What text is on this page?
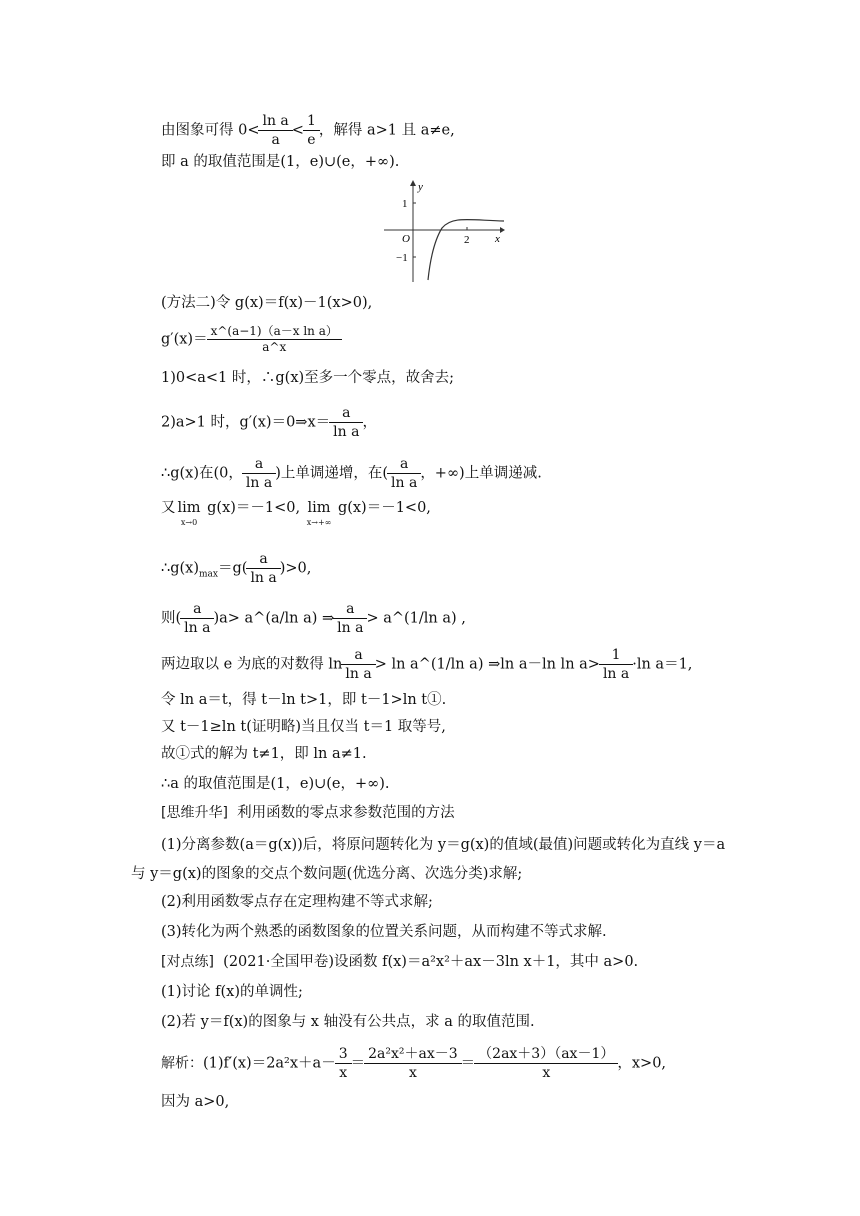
由图象可得 $0< \frac{\text{ln a}}{a} < \frac{1}{e}$ ，解得 a>1 且 a≠e,
即 a 的取值范围是(1，e)∪(e，+∞).
y
x
1
−1
O	2
(方法二)令 g(x)＝f(x)－1(x>0),
$g'(x)= \frac{\text{x\textasciicircum{}(a−1)（a－x ln a）}}{a\^{}x}$
1)0<a<1 时，∴g(x)至多一个零点，故舍去;
2)a>1 时，g′(x)＝0⇒x＝ $\frac{a}{\text{ln a}}$ ，
∴g(x)在(0， $\frac{a}{\text{ln a}}$ )上单调递增，在( $\frac{a}{\text{ln a}}$ ，+∞)上单调递减.
又 lim
x→0
g(x)＝－1<0, lim
x→+∞
g(x)＝－1<0,
$\therefore g(x)_{max}=g( \frac{a}{\text{ln a}} )>0$,
则( $\frac{a}{\text{ln a}} )a>$ a^(a/ln a) ⇒ $\frac{a}{\text{ln a}}$ > a^(1/ln a) ,
两边取以 e 为底的对数得 $\ln \frac{a}{\text{ln a}} > \ln$ a^(1/ln a) ⇒ln a－ln $\ln a> \frac{1}{\text{ln a}} \cdot\ln$ a＝1,
令 ln a＝t，得 t－ln t>1，即 t－1>ln t①.
又 t－1≥ln t(证明略)当且仅当 t＝1 取等号,
故①式的解为 t≠1，即 ln a≠1.
∴a 的取值范围是(1，e)∪(e，+∞).
[思维升华] 利用函数的零点求参数范围的方法
(1)分离参数(a＝g(x))后，将原问题转化为 y＝g(x)的值域(最值)问题或转化为直线 y＝a
与 y＝g(x)的图象的交点个数问题(优选分离、次选分类)求解;
(2)利用函数零点存在定理构建不等式求解;
(3)转化为两个熟悉的函数图象的位置关系问题，从而构建不等式求解.
[对点练] (2021·全国甲卷)设函数 f(x)＝a²x²＋ax－3ln x＋1，其中 a>0.
(1)讨论 f(x)的单调性;
(2)若 y＝f(x)的图象与 x 轴没有公共点，求 a 的取值范围.
解析：$(1)f'(x)=2a^2x+a- \frac{3}{x} = \frac{\text{2a²x²＋ax－3}}{x} = \frac{(2ax+3)(ax-1)}{x}$ ，x>0,
因为 a>0,
